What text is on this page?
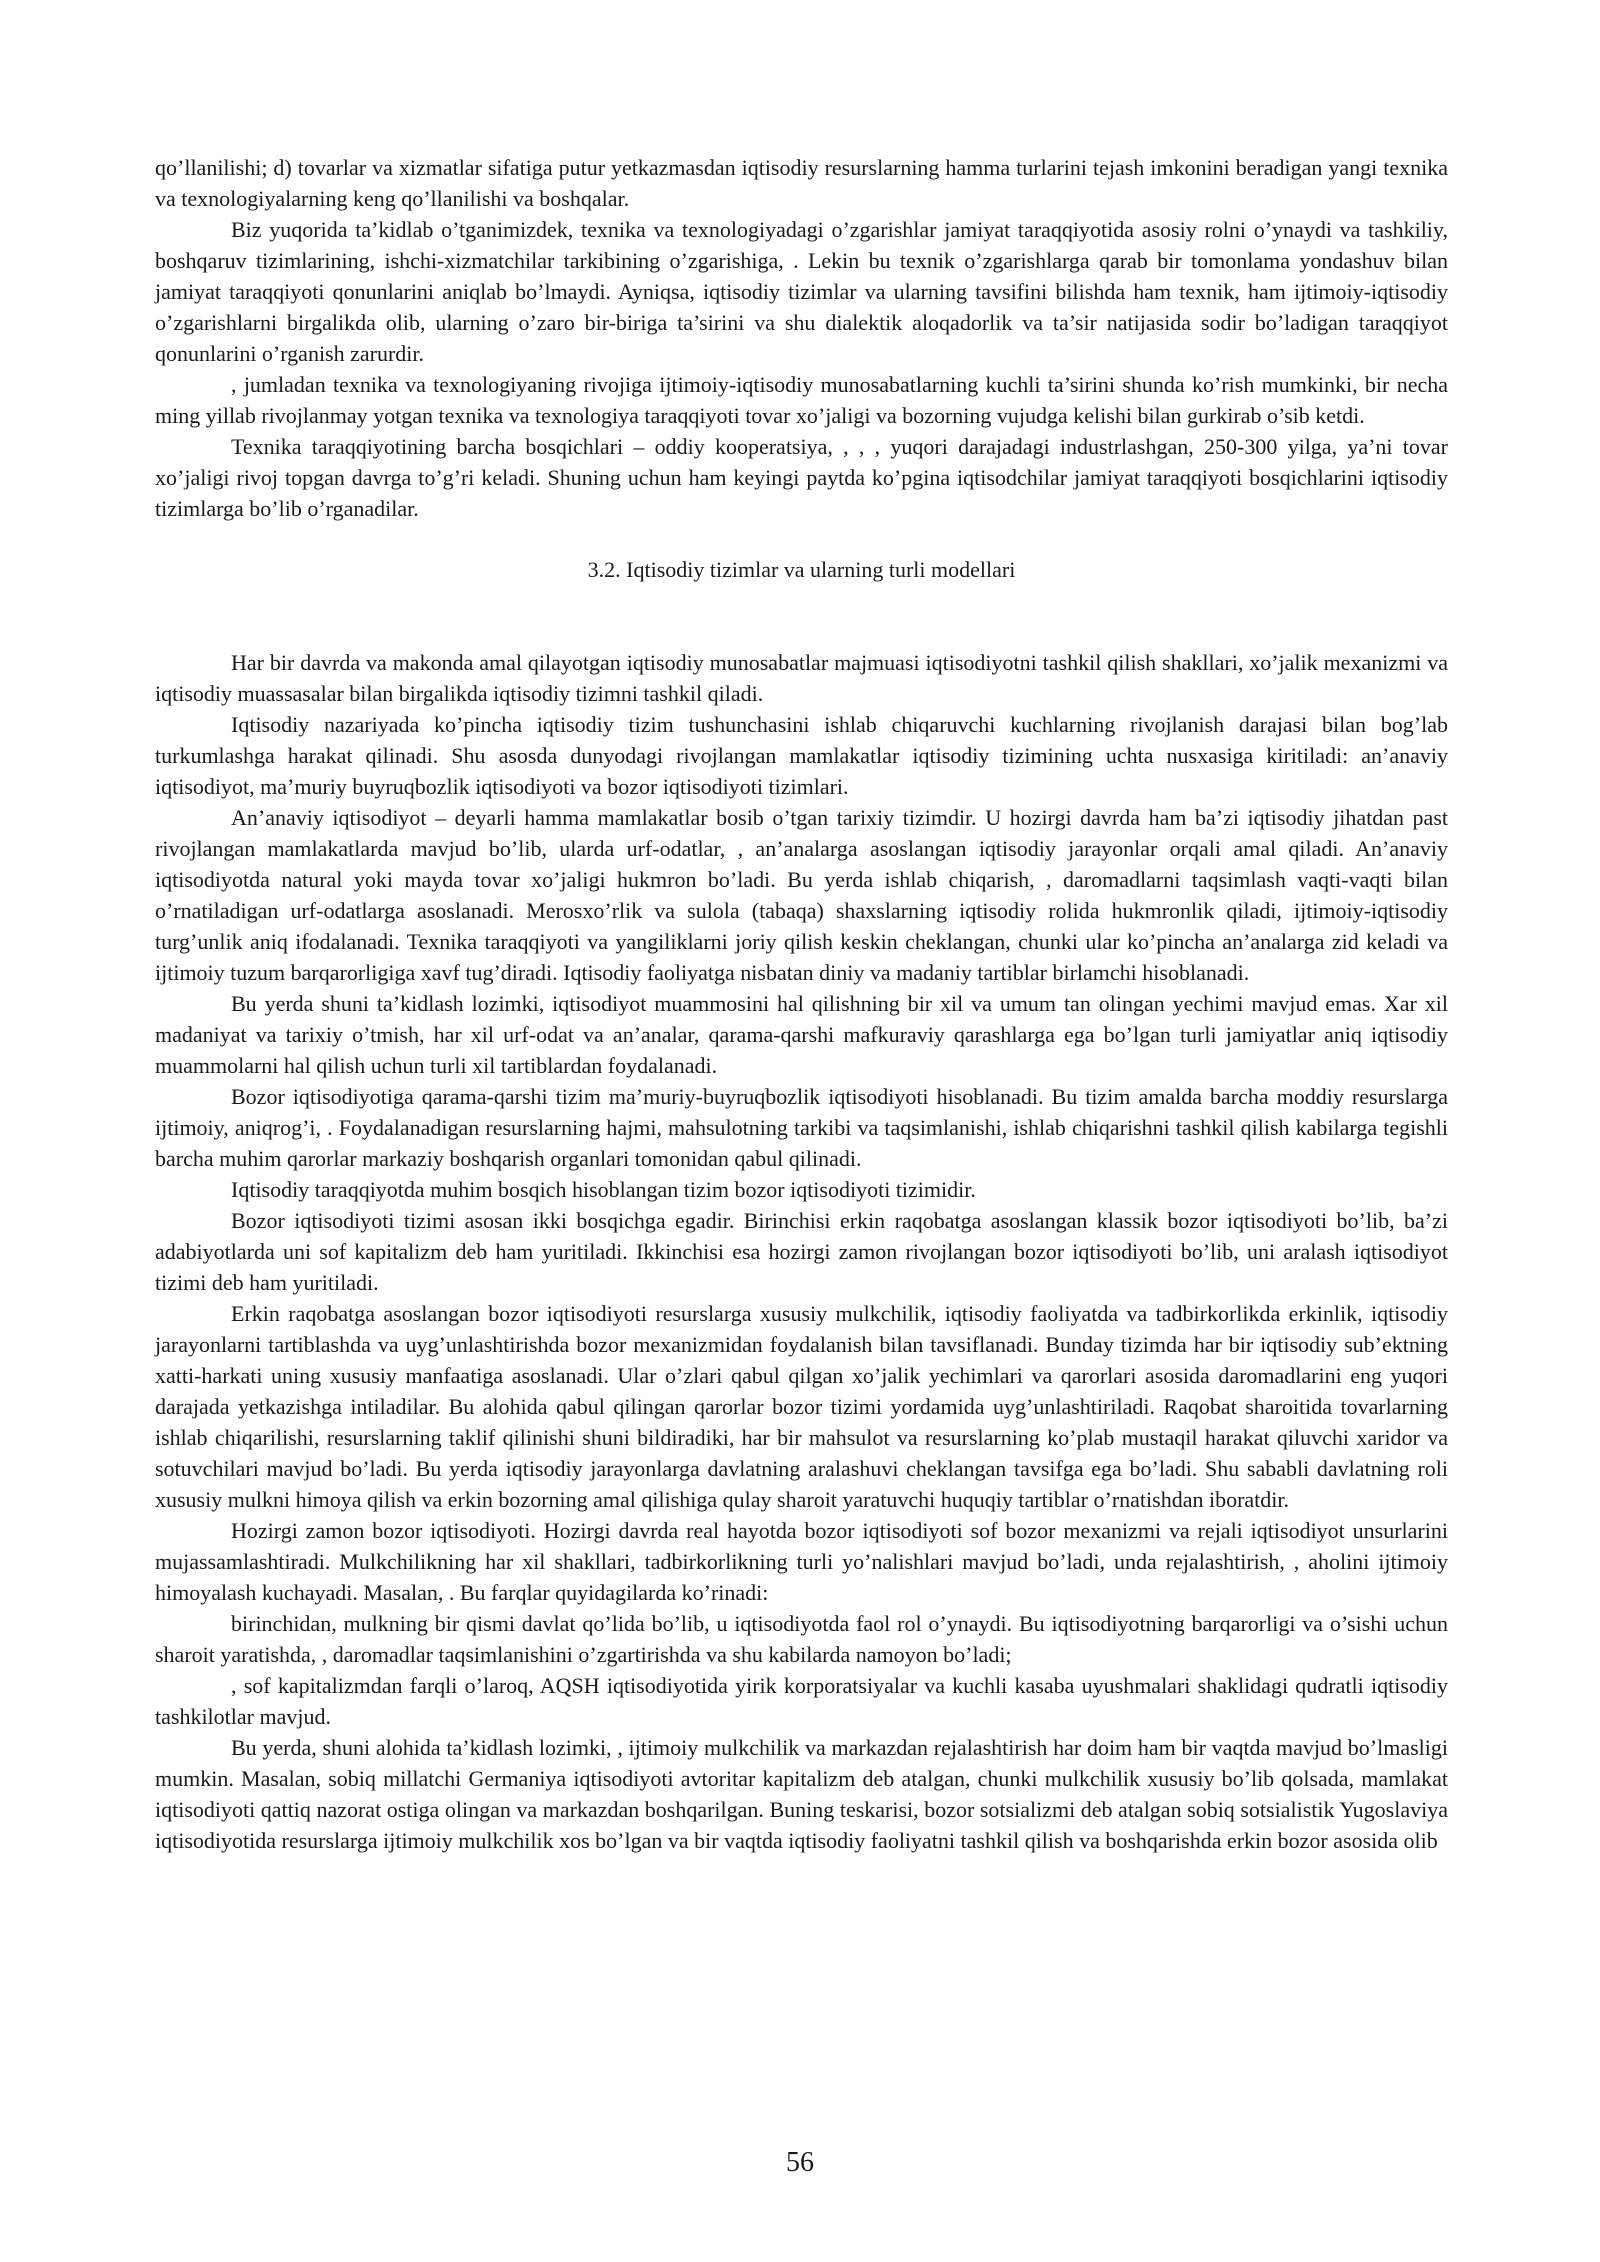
qo’llanilishi; d) tovarlar va xizmatlar sifatiga putur yetkazmasdan iqtisodiy resurslarning hamma turlarini tejash imkonini beradigan yangi texnika va texnologiyalarning keng qo’llanilishi va boshqalar.

Biz yuqorida ta’kidlab o’tganimizdek, texnika va texnologiyadagi o’zgarishlar jamiyat taraqqiyotida asosiy rolni o’ynaydi va tashkiliy, boshqaruv tizimlarining, ishchi-xizmatchilar tarkibining o’zgarishiga, . Lekin bu texnik o’zgarishlarga qarab bir tomonlama yondashuv bilan jamiyat taraqqiyoti qonunlarini aniqlab bo’lmaydi. Ayniqsa, iqtisodiy tizimlar va ularning tavsifini bilishda ham texnik, ham ijtimoiy-iqtisodiy o’zgarishlarni birgalikda olib, ularning o’zaro bir-biriga ta’sirini va shu dialektik aloqadorlik va ta’sir natijasida sodir bo’ladigan taraqqiyot qonunlarini o’rganish zarurdir.

, jumladan texnika va texnologiyaning rivojiga ijtimoiy-iqtisodiy munosabatlarning kuchli ta’sirini shunda ko’rish mumkinki, bir necha ming yillab rivojlanmay yotgan texnika va texnologiya taraqqiyoti tovar xo’jaligi va bozorning vujudga kelishi bilan gurkirab o’sib ketdi.

Texnika taraqqiyotining barcha bosqichlari – oddiy kooperatsiya, , , , yuqori darajadagi industrlashgan, 250-300 yilga, ya’ni tovar xo’jaligi rivoj topgan davrga to’g’ri keladi. Shuning uchun ham keyingi paytda ko’pgina iqtisodchilar jamiyat taraqqiyoti bosqichlarini iqtisodiy tizimlarga bo’lib o’rganadilar.

3.2. Iqtisodiy tizimlar va ularning turli modellari

Har bir davrda va makonda amal qilayotgan iqtisodiy munosabatlar majmuasi iqtisodiyotni tashkil qilish shakllari, xo’jalik mexanizmi va iqtisodiy muassasalar bilan birgalikda iqtisodiy tizimni tashkil qiladi.

Iqtisodiy nazariyada ko’pincha iqtisodiy tizim tushunchasini ishlab chiqaruvchi kuchlarning rivojlanish darajasi bilan bog’lab turkumlashga harakat qilinadi. Shu asosda dunyodagi rivojlangan mamlakatlar iqtisodiy tizimining uchta nusxasiga kiritiladi: an’anaviy iqtisodiyot, ma’muriy buyruqbozlik iqtisodiyoti va bozor iqtisodiyoti tizimlari.

An’anaviy iqtisodiyot – deyarli hamma mamlakatlar bosib o’tgan tarixiy tizimdir. U hozirgi davrda ham ba’zi iqtisodiy jihatdan past rivojlangan mamlakatlarda mavjud bo’lib, ularda urf-odatlar, , an’analarga asoslangan iqtisodiy jarayonlar orqali amal qiladi. An’anaviy iqtisodiyotda natural yoki mayda tovar xo’jaligi hukmron bo’ladi. Bu yerda ishlab chiqarish, , daromadlarni taqsimlash vaqti-vaqti bilan o’rnatiladigan urf-odatlarga asoslanadi. Merosxo’rlik va sulola (tabaqa) shaxslarning iqtisodiy rolida hukmronlik qiladi, ijtimoiy-iqtisodiy turg’unlik aniq ifodalanadi. Texnika taraqqiyoti va yangiliklarni joriy qilish keskin cheklangan, chunki ular ko’pincha an’analarga zid keladi va ijtimoiy tuzum barqarorligiga xavf tug’diradi. Iqtisodiy faoliyatga nisbatan diniy va madaniy tartiblar birlamchi hisoblanadi.

Bu yerda shuni ta’kidlash lozimki, iqtisodiyot muammosini hal qilishning bir xil va umum tan olingan yechimi mavjud emas. Xar xil madaniyat va tarixiy o’tmish, har xil urf-odat va an’analar, qarama-qarshi mafkuraviy qarashlarga ega bo’lgan turli jamiyatlar aniq iqtisodiy muammolarni hal qilish uchun turli xil tartiblardan foydalanadi.

Bozor iqtisodiyotiga qarama-qarshi tizim ma’muriy-buyruqbozlik iqtisodiyoti hisoblanadi. Bu tizim amalda barcha moddiy resurslarga ijtimoiy, aniqrog’i, . Foydalanadigan resurslarning hajmi, mahsulotning tarkibi va taqsimlanishi, ishlab chiqarishni tashkil qilish kabilarga tegishli barcha muhim qarorlar markaziy boshqarish organlari tomonidan qabul qilinadi.

Iqtisodiy taraqqiyotda muhim bosqich hisoblangan tizim bozor iqtisodiyoti tizimidir.

Bozor iqtisodiyoti tizimi asosan ikki bosqichga egadir. Birinchisi erkin raqobatga asoslangan klassik bozor iqtisodiyoti bo’lib, ba’zi adabiyotlarda uni sof kapitalizm deb ham yuritiladi. Ikkinchisi esa hozirgi zamon rivojlangan bozor iqtisodiyoti bo’lib, uni aralash iqtisodiyot tizimi deb ham yuritiladi.

Erkin raqobatga asoslangan bozor iqtisodiyoti resurslarga xususiy mulkchilik, iqtisodiy faoliyatda va tadbirkorlikda erkinlik, iqtisodiy jarayonlarni tartiblashda va uyg’unlashtirishda bozor mexanizmidan foydalanish bilan tavsiflanadi. Bunday tizimda har bir iqtisodiy sub’ektning xatti-harkati uning xususiy manfaatiga asoslanadi. Ular o’zlari qabul qilgan xo’jalik yechimlari va qarorlari asosida daromadlarini eng yuqori darajada yetkazishga intiladilar. Bu alohida qabul qilingan qarorlar bozor tizimi yordamida uyg’unlashtiriladi. Raqobat sharoitida tovarlarning ishlab chiqarilishi, resurslarning taklif qilinishi shuni bildiradiki, har bir mahsulot va resurslarning ko’plab mustaqil harakat qiluvchi xaridor va sotuvchilari mavjud bo’ladi. Bu yerda iqtisodiy jarayonlarga davlatning aralashuvi cheklangan tavsifga ega bo’ladi. Shu sababli davlatning roli xususiy mulkni himoya qilish va erkin bozorning amal qilishiga qulay sharoit yaratuvchi huquqiy tartiblar o’rnatishdan iboratdir.

Hozirgi zamon bozor iqtisodiyoti. Hozirgi davrda real hayotda bozor iqtisodiyoti sof bozor mexanizmi va rejali iqtisodiyot unsurlarini mujassamlashtiradi. Mulkchilikning har xil shakllari, tadbirkorlikning turli yo’nalishlari mavjud bo’ladi, unda rejalashtirish, , aholini ijtimoiy himoyalash kuchayadi. Masalan, . Bu farqlar quyidagilarda ko’rinadi:

birinchidan, mulkning bir qismi davlat qo’lida bo’lib, u iqtisodiyotda faol rol o’ynaydi. Bu iqtisodiyotning barqarorligi va o’sishi uchun sharoit yaratishda, , daromadlar taqsimlanishini o’zgartirishda va shu kabilarda namoyon bo’ladi;

, sof kapitalizmdan farqli o’laroq, AQSH iqtisodiyotida yirik korporatsiyalar va kuchli kasaba uyushmalari shaklidagi qudratli iqtisodiy tashkilotlar mavjud.

Bu yerda, shuni alohida ta’kidlash lozimki, , ijtimoiy mulkchilik va markazdan rejalashtirish har doim ham bir vaqtda mavjud bo’lmasligi mumkin. Masalan, sobiq millatchi Germaniya iqtisodiyoti avtoritar kapitalizm deb atalgan, chunki mulkchilik xususiy bo’lib qolsada, mamlakat iqtisodiyoti qattiq nazorat ostiga olingan va markazdan boshqarilgan. Buning teskarisi, bozor sotsializmi deb atalgan sobiq sotsialistik Yugoslaviya iqtisodiyotida resurslarga ijtimoiy mulkchilik xos bo’lgan va bir vaqtda iqtisodiy faoliyatni tashkil qilish va boshqarishda erkin bozor asosida olib

56
